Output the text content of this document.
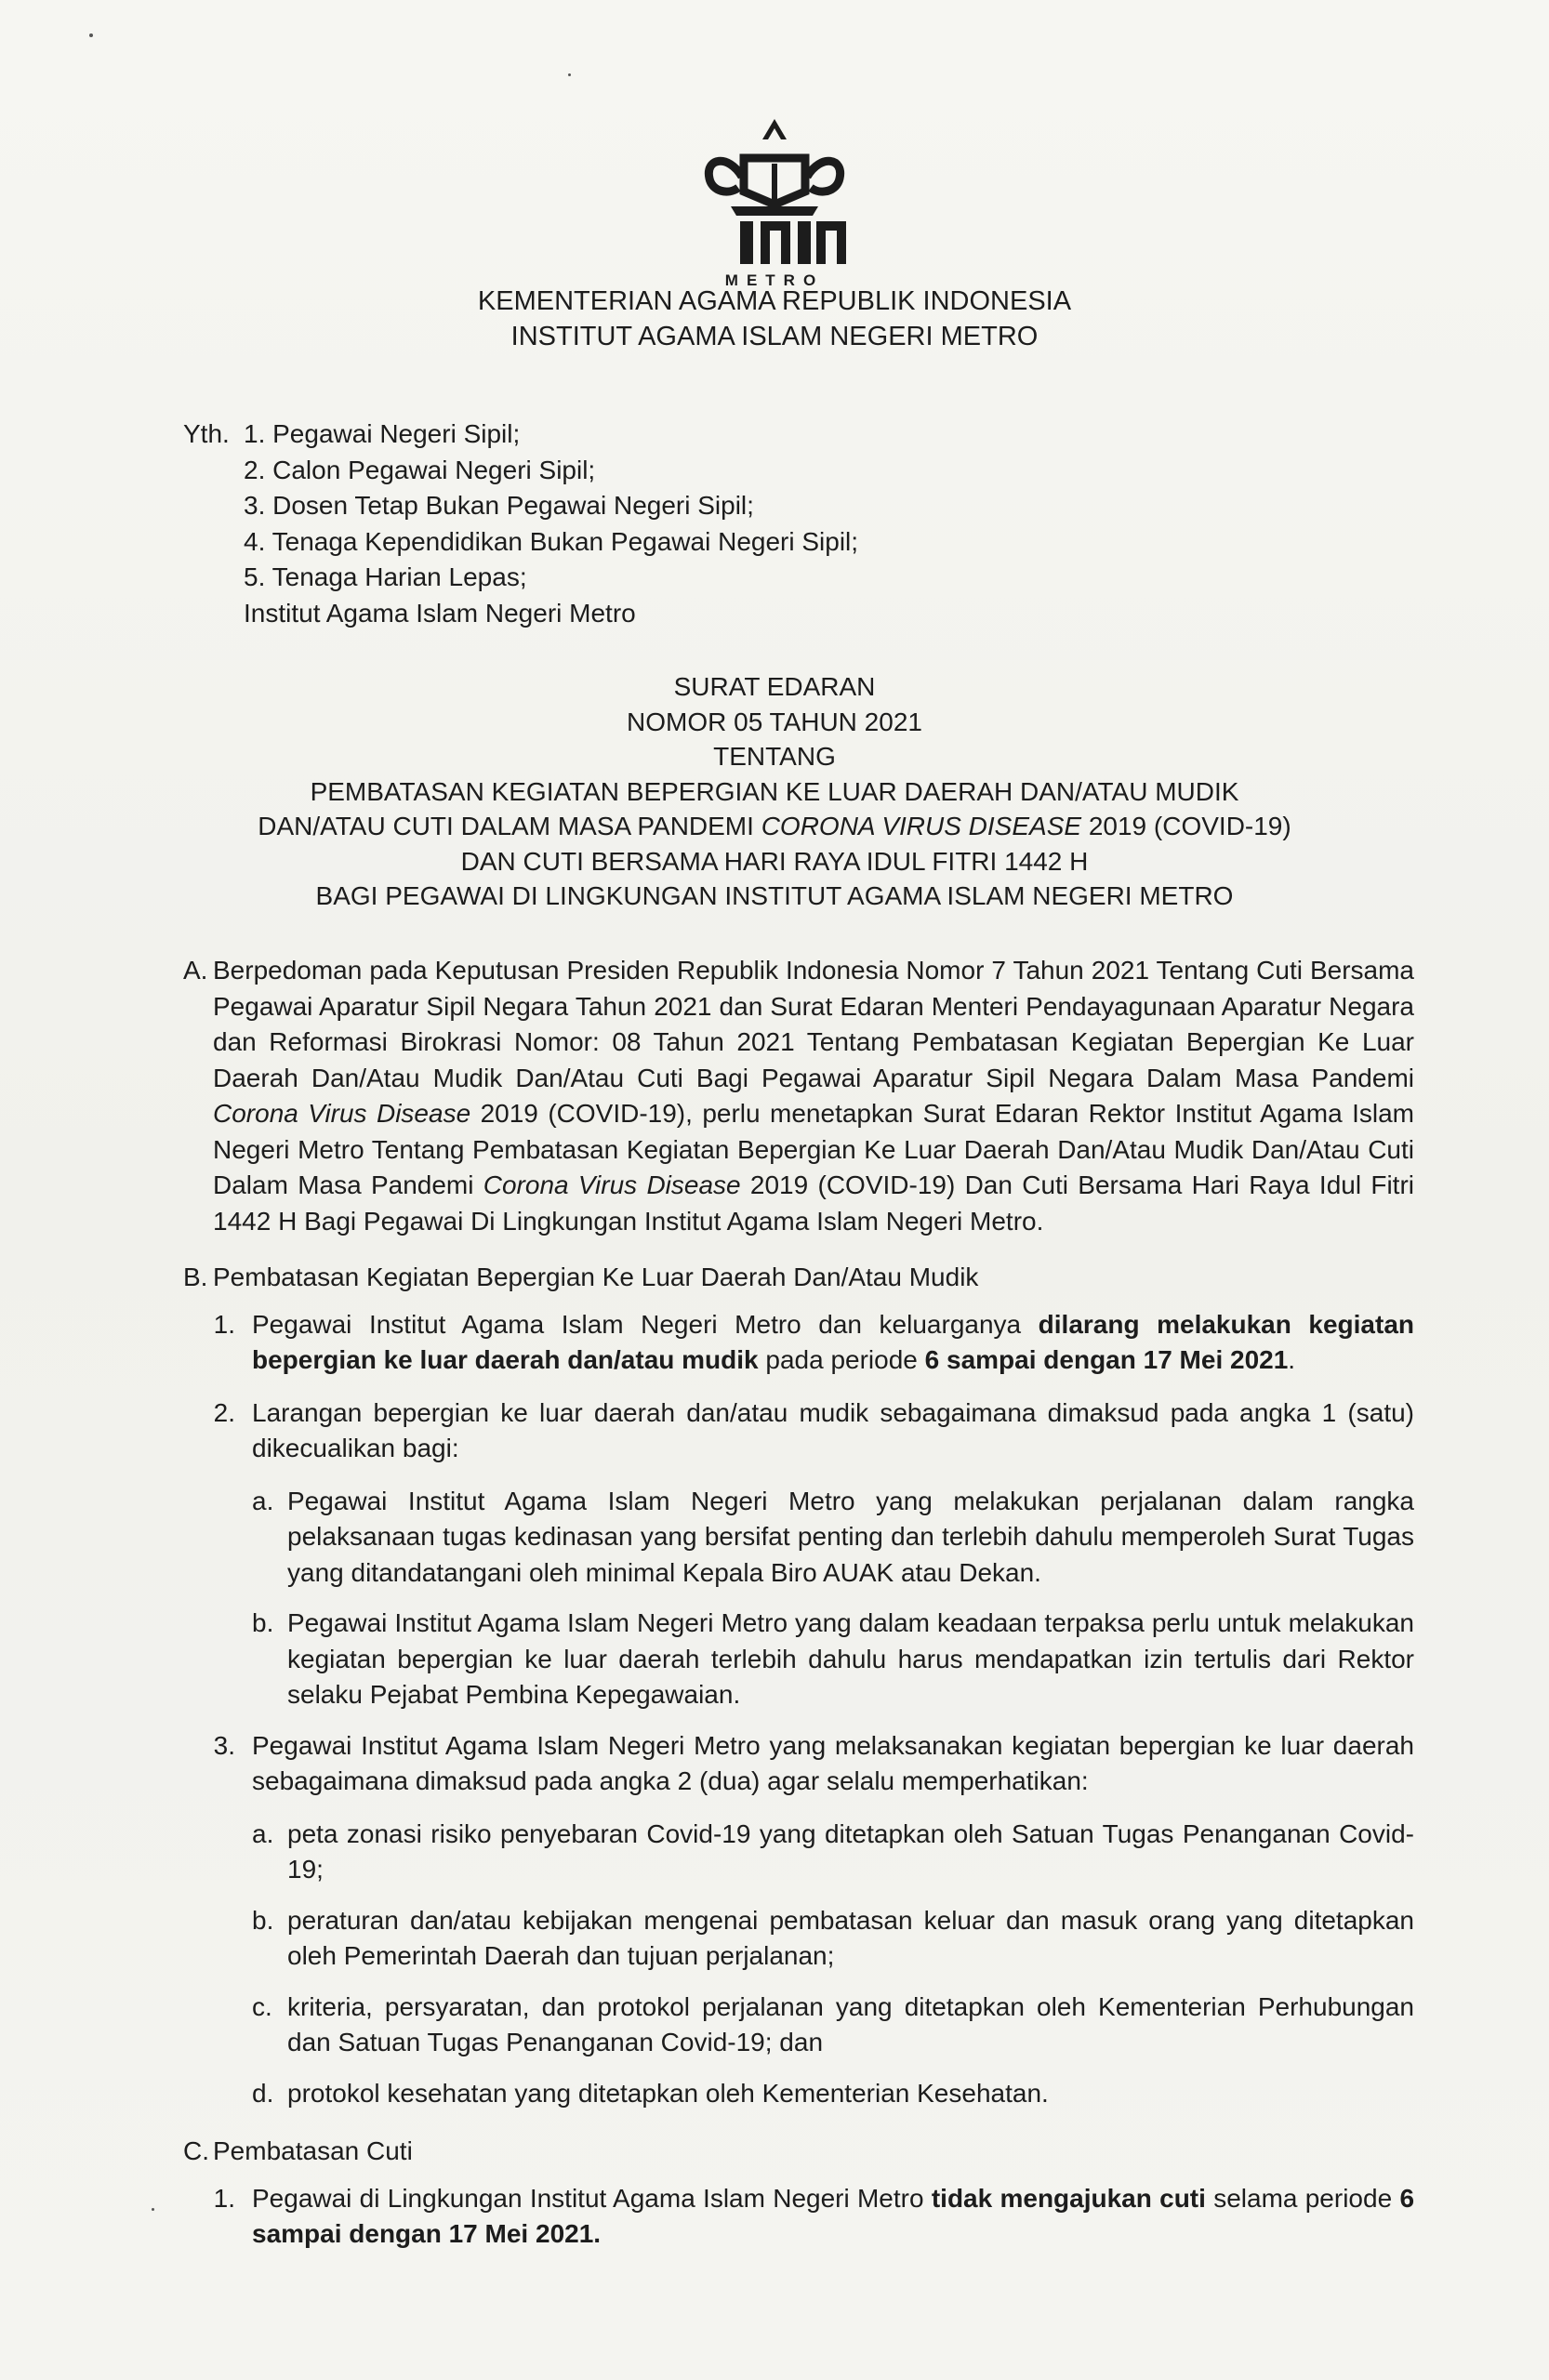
METRO
KEMENTERIAN AGAMA REPUBLIK INDONESIA
INSTITUT AGAMA ISLAM NEGERI METRO
Yth. 1. Pegawai Negeri Sipil;
2. Calon Pegawai Negeri Sipil;
3. Dosen Tetap Bukan Pegawai Negeri Sipil;
4. Tenaga Kependidikan Bukan Pegawai Negeri Sipil;
5. Tenaga Harian Lepas;
Institut Agama Islam Negeri Metro
SURAT EDARAN
NOMOR 05 TAHUN 2021
TENTANG
PEMBATASAN KEGIATAN BEPERGIAN KE LUAR DAERAH DAN/ATAU MUDIK
DAN/ATAU CUTI DALAM MASA PANDEMI CORONA VIRUS DISEASE 2019 (COVID-19)
DAN CUTI BERSAMA HARI RAYA IDUL FITRI 1442 H
BAGI PEGAWAI DI LINGKUNGAN INSTITUT AGAMA ISLAM NEGERI METRO
A. Berpedoman pada Keputusan Presiden Republik Indonesia Nomor 7 Tahun 2021 Tentang Cuti Bersama Pegawai Aparatur Sipil Negara Tahun 2021 dan Surat Edaran Menteri Pendayagunaan Aparatur Negara dan Reformasi Birokrasi Nomor: 08 Tahun 2021 Tentang Pembatasan Kegiatan Bepergian Ke Luar Daerah Dan/Atau Mudik Dan/Atau Cuti Bagi Pegawai Aparatur Sipil Negara Dalam Masa Pandemi Corona Virus Disease 2019 (COVID-19), perlu menetapkan Surat Edaran Rektor Institut Agama Islam Negeri Metro Tentang Pembatasan Kegiatan Bepergian Ke Luar Daerah Dan/Atau Mudik Dan/Atau Cuti Dalam Masa Pandemi Corona Virus Disease 2019 (COVID-19) Dan Cuti Bersama Hari Raya Idul Fitri 1442 H Bagi Pegawai Di Lingkungan Institut Agama Islam Negeri Metro.
B. Pembatasan Kegiatan Bepergian Ke Luar Daerah Dan/Atau Mudik
1. Pegawai Institut Agama Islam Negeri Metro dan keluarganya dilarang melakukan kegiatan bepergian ke luar daerah dan/atau mudik pada periode 6 sampai dengan 17 Mei 2021.
2. Larangan bepergian ke luar daerah dan/atau mudik sebagaimana dimaksud pada angka 1 (satu) dikecualikan bagi:
a. Pegawai Institut Agama Islam Negeri Metro yang melakukan perjalanan dalam rangka pelaksanaan tugas kedinasan yang bersifat penting dan terlebih dahulu memperoleh Surat Tugas yang ditandatangani oleh minimal Kepala Biro AUAK atau Dekan.
b. Pegawai Institut Agama Islam Negeri Metro yang dalam keadaan terpaksa perlu untuk melakukan kegiatan bepergian ke luar daerah terlebih dahulu harus mendapatkan izin tertulis dari Rektor selaku Pejabat Pembina Kepegawaian.
3. Pegawai Institut Agama Islam Negeri Metro yang melaksanakan kegiatan bepergian ke luar daerah sebagaimana dimaksud pada angka 2 (dua) agar selalu memperhatikan:
a. peta zonasi risiko penyebaran Covid-19 yang ditetapkan oleh Satuan Tugas Penanganan Covid-19;
b. peraturan dan/atau kebijakan mengenai pembatasan keluar dan masuk orang yang ditetapkan oleh Pemerintah Daerah dan tujuan perjalanan;
c. kriteria, persyaratan, dan protokol perjalanan yang ditetapkan oleh Kementerian Perhubungan dan Satuan Tugas Penanganan Covid-19; dan
d. protokol kesehatan yang ditetapkan oleh Kementerian Kesehatan.
C. Pembatasan Cuti
1. Pegawai di Lingkungan Institut Agama Islam Negeri Metro tidak mengajukan cuti selama periode 6 sampai dengan 17 Mei 2021.
